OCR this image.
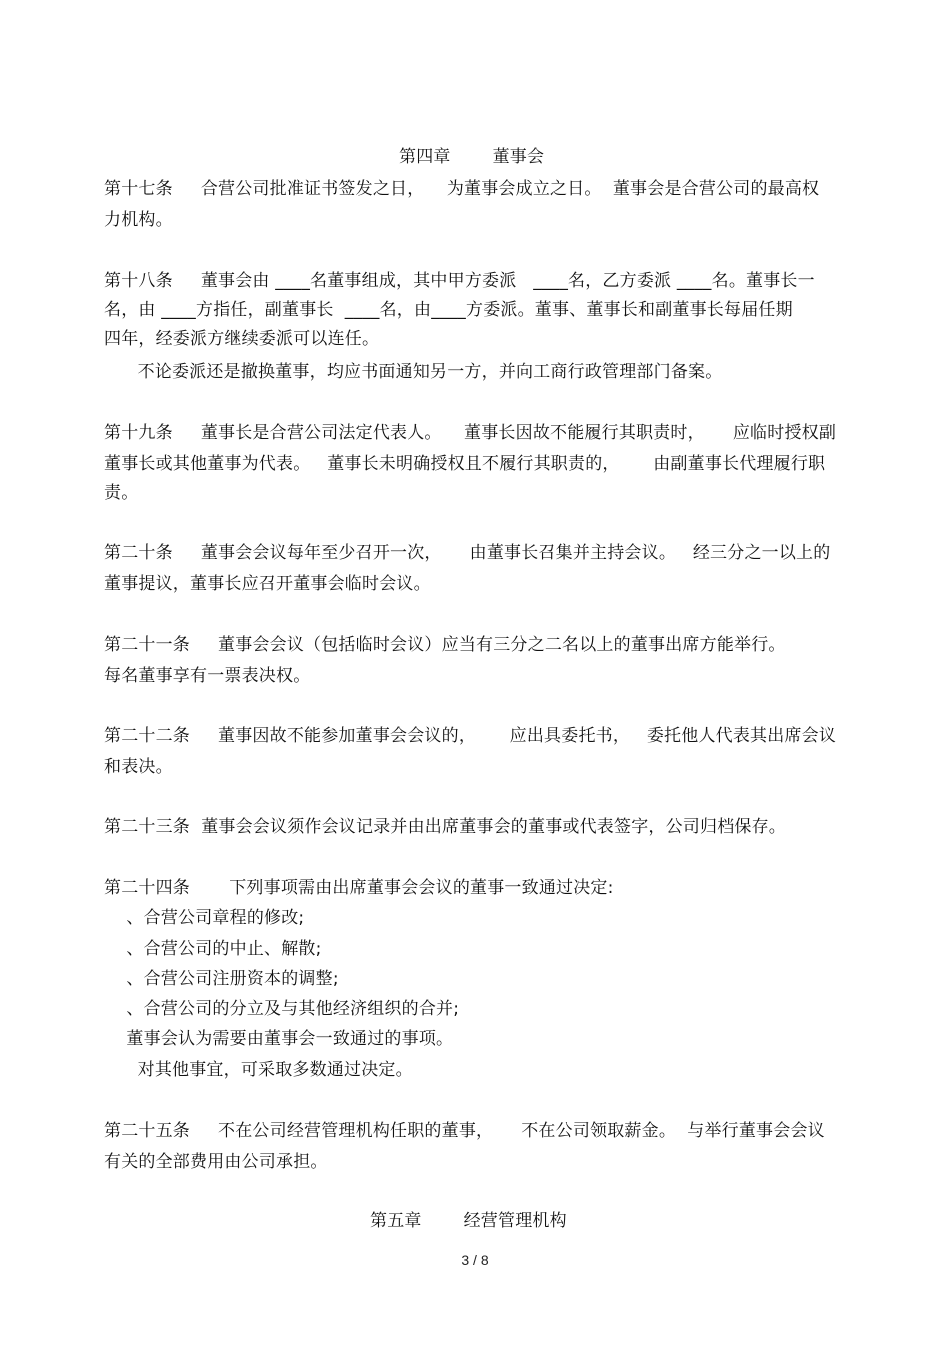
第四章 董事会
第十七条     合营公司批准证书签发之日，    为董事会成立之日。  董事会是合营公司的最高权
力机构。
第十八条     董事会由 ____名董事组成，其中甲方委派   ____名，乙方委派 ____名。董事长一
名，由 ____方指任，副董事长  ____名，由____方委派。董事、董事长和副董事长每届任期
四年，经委派方继续委派可以连任。
不论委派还是撤换董事，均应书面通知另一方，并向工商行政管理部门备案。
第十九条     董事长是合营公司法定代表人。    董事长因故不能履行其职责时，     应临时授权副
董事长或其他董事为代表。   董事长未明确授权且不履行其职责的，      由副董事长代理履行职
责。
第二十条     董事会会议每年至少召开一次，     由董事长召集并主持会议。   经三分之一以上的
董事提议，董事长应召开董事会临时会议。
第二十一条     董事会会议（包括临时会议）应当有三分之二名以上的董事出席方能举行。
每名董事享有一票表决权。
第二十二条     董事因故不能参加董事会会议的，      应出具委托书，   委托他人代表其出席会议
和表决。
第二十三条  董事会会议须作会议记录并由出席董事会的董事或代表签字，公司归档保存。
第二十四条       下列事项需由出席董事会会议的董事一致通过决定:
、合营公司章程的修改;
、合营公司的中止、解散;
、合营公司注册资本的调整;
、合营公司的分立及与其他经济组织的合并;
董事会认为需要由董事会一致通过的事项。
对其他事宜，可采取多数通过决定。
第二十五条     不在公司经营管理机构任职的董事，     不在公司领取薪金。  与举行董事会会议
有关的全部费用由公司承担。
第五章 经营管理机构
3 / 8
